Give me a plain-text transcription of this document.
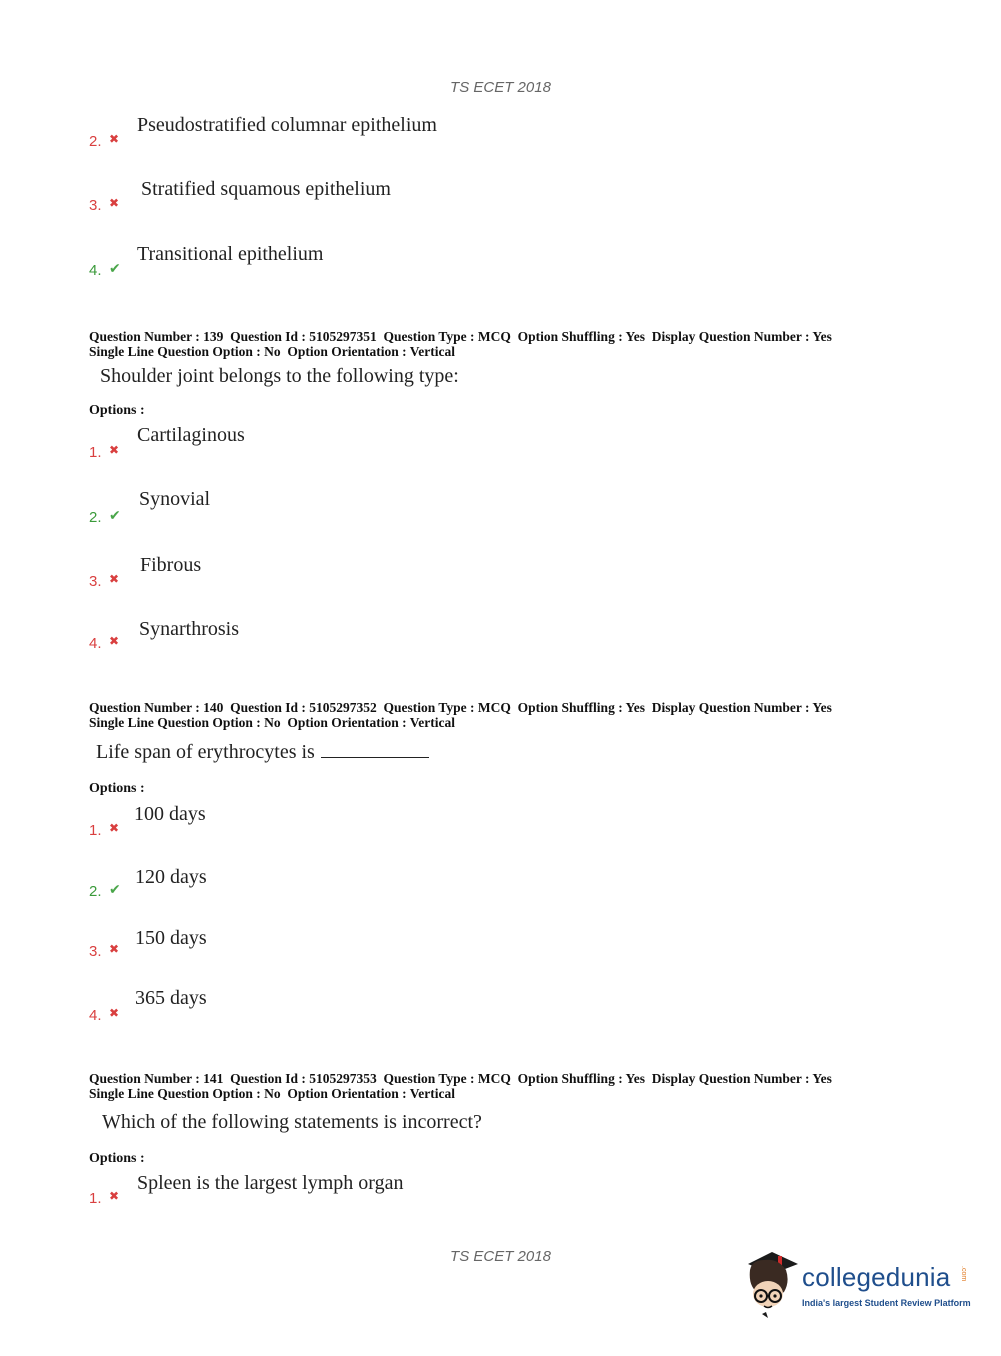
TS ECET 2018
2. ✖
Pseudostratified columnar epithelium
3. ✖
Stratified squamous epithelium
4. ✔
Transitional epithelium
Question Number : 139  Question Id : 5105297351  Question Type : MCQ  Option Shuffling : Yes  Display Question Number : Yes
Single Line Question Option : No  Option Orientation : Vertical
Shoulder joint belongs to the following type:
Options :
1. ✖
Cartilaginous
2. ✔
Synovial
3. ✖
Fibrous
4. ✖
Synarthrosis
Question Number : 140  Question Id : 5105297352  Question Type : MCQ  Option Shuffling : Yes  Display Question Number : Yes
Single Line Question Option : No  Option Orientation : Vertical
Life span of erythrocytes is
Options :
1. ✖
100 days
2. ✔
120 days
3. ✖ 150 days
4. ✖
365 days
Question Number : 141  Question Id : 5105297353  Question Type : MCQ  Option Shuffling : Yes  Display Question Number : Yes
Single Line Question Option : No  Option Orientation : Vertical
Which of the following statements is incorrect?
Options :
1. ✖
Spleen is the largest lymph organ
TS ECET 2018
collegedunia .com
India's largest Student Review Platform
